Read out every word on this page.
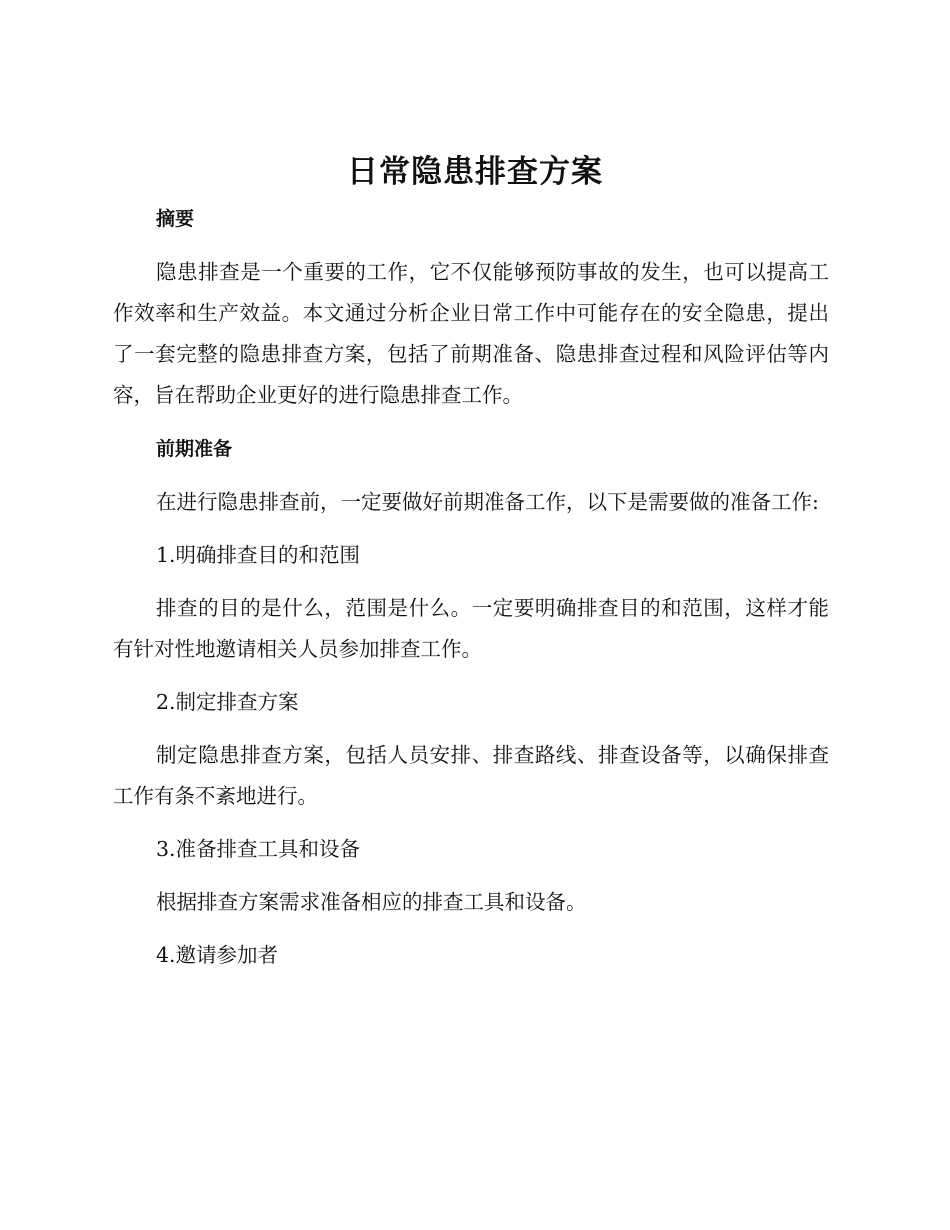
日常隐患排查方案
摘要

隐患排查是一个重要的工作，它不仅能够预防事故的发生，也可以提高工作效率和生产效益。本文通过分析企业日常工作中可能存在的安全隐患，提出了一套完整的隐患排查方案，包括了前期准备、隐患排查过程和风险评估等内容，旨在帮助企业更好的进行隐患排查工作。

前期准备

在进行隐患排查前，一定要做好前期准备工作，以下是需要做的准备工作:

1.明确排查目的和范围

排查的目的是什么，范围是什么。一定要明确排查目的和范围，这样才能有针对性地邀请相关人员参加排查工作。

2.制定排查方案

制定隐患排查方案，包括人员安排、排查路线、排查设备等，以确保排查工作有条不紊地进行。

3.准备排查工具和设备

根据排查方案需求准备相应的排查工具和设备。

4.邀请参加者
